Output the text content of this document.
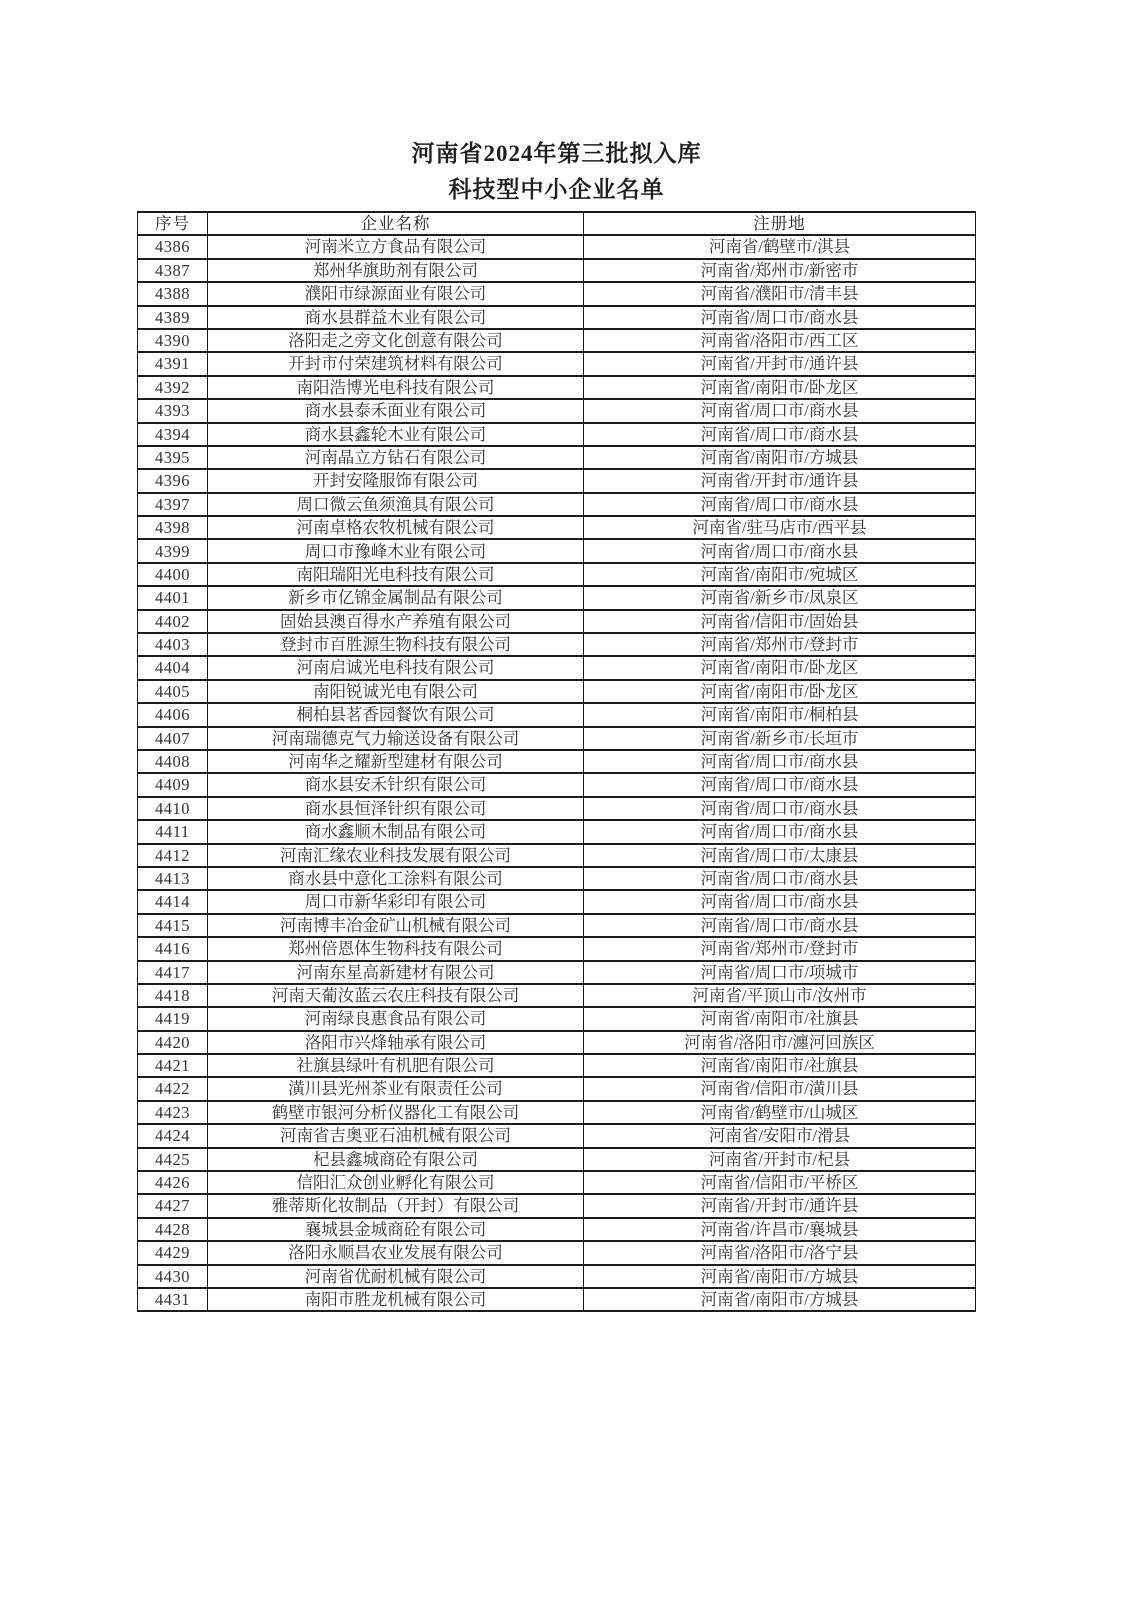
河南省2024年第三批拟入库
科技型中小企业名单
序号	企业名称	注册地
4386	河南米立方食品有限公司	河南省/鹤壁市/淇县
4387	郑州华旗助剂有限公司	河南省/郑州市/新密市
4388	濮阳市绿源面业有限公司	河南省/濮阳市/清丰县
4389	商水县群益木业有限公司	河南省/周口市/商水县
4390	洛阳走之旁文化创意有限公司	河南省/洛阳市/西工区
4391	开封市付荣建筑材料有限公司	河南省/开封市/通许县
4392	南阳浩博光电科技有限公司	河南省/南阳市/卧龙区
4393	商水县泰禾面业有限公司	河南省/周口市/商水县
4394	商水县鑫轮木业有限公司	河南省/周口市/商水县
4395	河南晶立方钻石有限公司	河南省/南阳市/方城县
4396	开封安隆服饰有限公司	河南省/开封市/通许县
4397	周口微云鱼须渔具有限公司	河南省/周口市/商水县
4398	河南卓格农牧机械有限公司	河南省/驻马店市/西平县
4399	周口市豫峰木业有限公司	河南省/周口市/商水县
4400	南阳瑞阳光电科技有限公司	河南省/南阳市/宛城区
4401	新乡市亿锦金属制品有限公司	河南省/新乡市/凤泉区
4402	固始县澳百得水产养殖有限公司	河南省/信阳市/固始县
4403	登封市百胜源生物科技有限公司	河南省/郑州市/登封市
4404	河南启诚光电科技有限公司	河南省/南阳市/卧龙区
4405	南阳锐诚光电有限公司	河南省/南阳市/卧龙区
4406	桐柏县茗香园餐饮有限公司	河南省/南阳市/桐柏县
4407	河南瑞德克气力输送设备有限公司	河南省/新乡市/长垣市
4408	河南华之耀新型建材有限公司	河南省/周口市/商水县
4409	商水县安禾针织有限公司	河南省/周口市/商水县
4410	商水县恒泽针织有限公司	河南省/周口市/商水县
4411	商水鑫顺木制品有限公司	河南省/周口市/商水县
4412	河南汇缘农业科技发展有限公司	河南省/周口市/太康县
4413	商水县中意化工涂料有限公司	河南省/周口市/商水县
4414	周口市新华彩印有限公司	河南省/周口市/商水县
4415	河南博丰冶金矿山机械有限公司	河南省/周口市/商水县
4416	郑州倍恩体生物科技有限公司	河南省/郑州市/登封市
4417	河南东星高新建材有限公司	河南省/周口市/项城市
4418	河南天葡汝蓝云农庄科技有限公司	河南省/平顶山市/汝州市
4419	河南绿良惠食品有限公司	河南省/南阳市/社旗县
4420	洛阳市兴烽轴承有限公司	河南省/洛阳市/瀍河回族区
4421	社旗县绿叶有机肥有限公司	河南省/南阳市/社旗县
4422	潢川县光州茶业有限责任公司	河南省/信阳市/潢川县
4423	鹤壁市银河分析仪器化工有限公司	河南省/鹤壁市/山城区
4424	河南省吉奥亚石油机械有限公司	河南省/安阳市/滑县
4425	杞县鑫城商砼有限公司	河南省/开封市/杞县
4426	信阳汇众创业孵化有限公司	河南省/信阳市/平桥区
4427	雅蒂斯化妆制品（开封）有限公司	河南省/开封市/通许县
4428	襄城县金城商砼有限公司	河南省/许昌市/襄城县
4429	洛阳永顺昌农业发展有限公司	河南省/洛阳市/洛宁县
4430	河南省优耐机械有限公司	河南省/南阳市/方城县
4431	南阳市胜龙机械有限公司	河南省/南阳市/方城县
